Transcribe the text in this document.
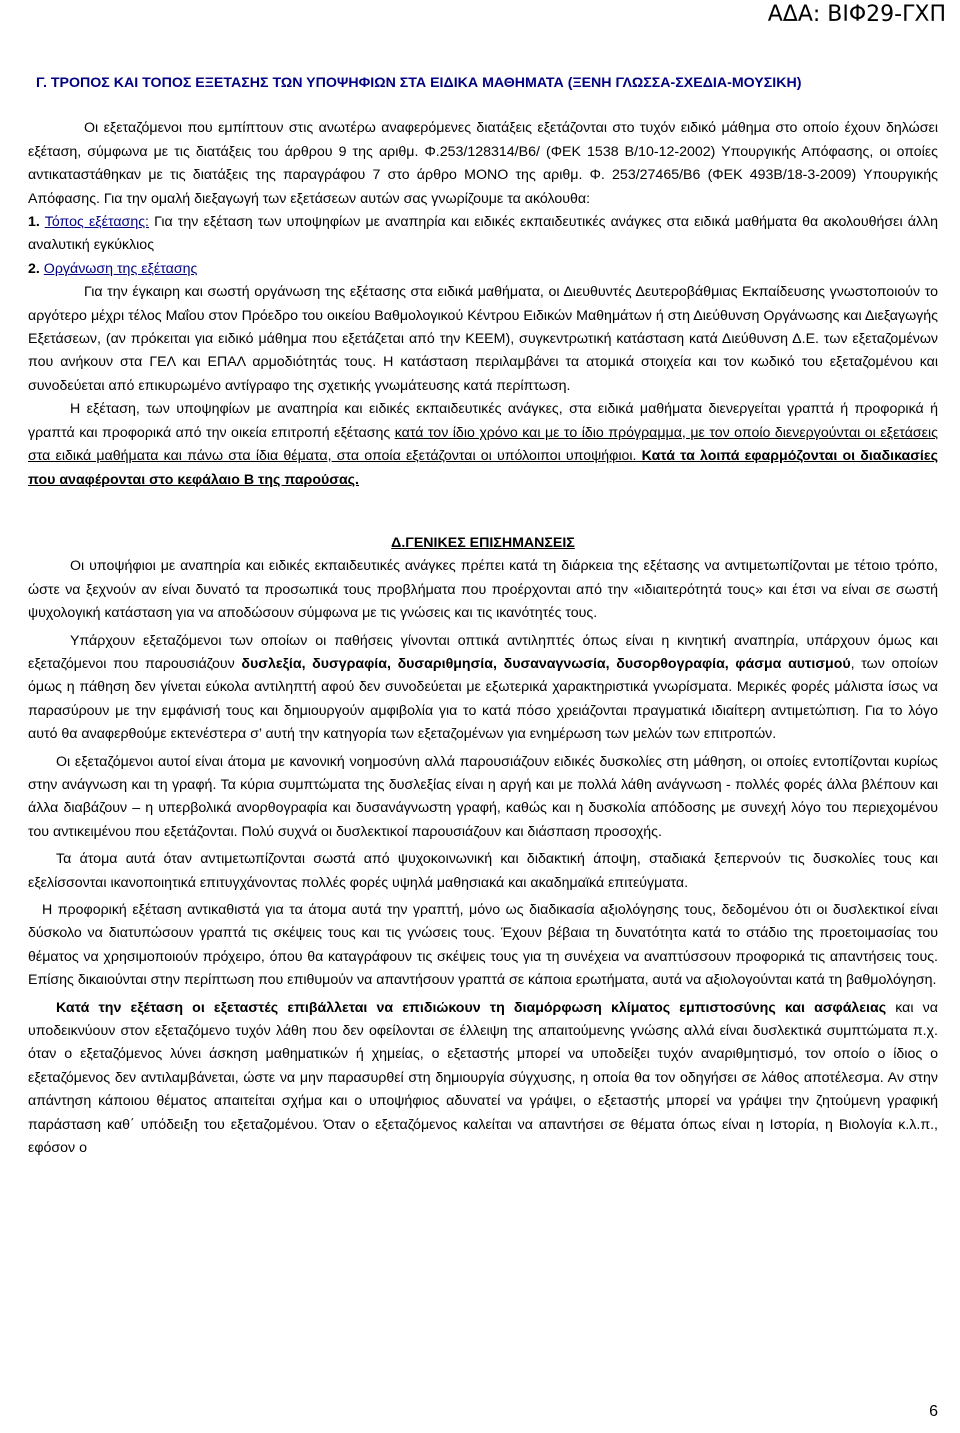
ΑΔΑ: ΒΙΦ29-ΓΧΠ

Γ. ΤΡΟΠΟΣ ΚΑΙ ΤΟΠΟΣ ΕΞΕΤΑΣΗΣ ΤΩΝ ΥΠΟΨΗΦΙΩΝ ΣΤΑ ΕΙΔΙΚΑ ΜΑΘΗΜΑΤΑ (ΞΕΝΗ ΓΛΩΣΣΑ-ΣΧΕΔΙΑ-ΜΟΥΣΙΚΗ)

Οι εξεταζόμενοι που εμπίπτουν στις ανωτέρω αναφερόμενες διατάξεις εξετάζονται στο τυχόν ειδικό μάθημα στο οποίο έχουν δηλώσει εξέταση, σύμφωνα με τις διατάξεις του άρθρου 9 της αριθμ. Φ.253/128314/Β6/ (ΦΕΚ 1538 Β/10-12-2002) Υπουργικής Απόφασης, οι οποίες αντικαταστάθηκαν με τις διατάξεις της παραγράφου 7 στο άρθρο ΜΟΝΟ της αριθμ. Φ. 253/27465/Β6 (ΦΕΚ 493Β/18-3-2009) Υπουργικής Απόφασης. Για την ομαλή διεξαγωγή των εξετάσεων αυτών σας γνωρίζουμε τα ακόλουθα:

1. Τόπος εξέτασης: Για την εξέταση των υποψηφίων με αναπηρία και ειδικές εκπαιδευτικές ανάγκες στα ειδικά μαθήματα θα ακολουθήσει άλλη αναλυτική εγκύκλιος

2. Οργάνωση της εξέτασης

Για την έγκαιρη και σωστή οργάνωση της εξέτασης στα ειδικά μαθήματα, οι Διευθυντές Δευτεροβάθμιας Εκπαίδευσης γνωστοποιούν το αργότερο μέχρι τέλος Μαΐου στον Πρόεδρο του οικείου Βαθμολογικού Κέντρου Ειδικών Μαθημάτων ή στη Διεύθυνση Οργάνωσης και Διεξαγωγής Εξετάσεων, (αν πρόκειται για ειδικό μάθημα που εξετάζεται από την ΚΕΕΜ), συγκεντρωτική κατάσταση κατά Διεύθυνση Δ.Ε. των εξεταζομένων που ανήκουν στα ΓΕΛ και ΕΠΑΛ αρμοδιότητάς τους. Η κατάσταση περιλαμβάνει τα ατομικά στοιχεία και τον κωδικό του εξεταζομένου και συνοδεύεται από επικυρωμένο αντίγραφο της σχετικής γνωμάτευσης κατά περίπτωση.

Η εξέταση, των υποψηφίων με αναπηρία και ειδικές εκπαιδευτικές ανάγκες, στα ειδικά μαθήματα διενεργείται γραπτά ή προφορικά ή γραπτά και προφορικά από την οικεία επιτροπή εξέτασης κατά τον ίδιο χρόνο και με το ίδιο πρόγραμμα, με τον οποίο διενεργούνται οι εξετάσεις στα ειδικά μαθήματα και πάνω στα ίδια θέματα, στα οποία εξετάζονται οι υπόλοιποι υποψήφιοι. Κατά τα λοιπά εφαρμόζονται οι διαδικασίες που αναφέρονται στο κεφάλαιο Β της παρούσας.

Δ.ΓΕΝΙΚΕΣ ΕΠΙΣΗΜΑΝΣΕΙΣ

Οι υποψήφιοι με αναπηρία και ειδικές εκπαιδευτικές ανάγκες πρέπει κατά τη διάρκεια της εξέτασης να αντιμετωπίζονται με τέτοιο τρόπο, ώστε να ξεχνούν αν είναι δυνατό τα προσωπικά τους προβλήματα που προέρχονται από την «ιδιαιτερότητά τους» και έτσι να είναι σε σωστή ψυχολογική κατάσταση για να αποδώσουν σύμφωνα με τις γνώσεις και τις ικανότητές τους.

Υπάρχουν εξεταζόμενοι των οποίων οι παθήσεις γίνονται οπτικά αντιληπτές όπως είναι η κινητική αναπηρία, υπάρχουν όμως και εξεταζόμενοι που παρουσιάζουν δυσλεξία, δυσγραφία, δυσαριθμησία, δυσαναγνωσία, δυσορθογραφία, φάσμα αυτισμού, των οποίων όμως η πάθηση δεν γίνεται εύκολα αντιληπτή αφού δεν συνοδεύεται με εξωτερικά χαρακτηριστικά γνωρίσματα. Μερικές φορές μάλιστα ίσως να παρασύρουν με την εμφάνισή τους και δημιουργούν αμφιβολία για το κατά πόσο χρειάζονται πραγματικά ιδιαίτερη αντιμετώπιση. Για το λόγο αυτό θα αναφερθούμε εκτενέστερα σ’ αυτή την κατηγορία των εξεταζομένων για ενημέρωση των μελών των επιτροπών.

Οι εξεταζόμενοι αυτοί είναι άτομα με κανονική νοημοσύνη αλλά παρουσιάζουν ειδικές δυσκολίες στη μάθηση, οι οποίες εντοπίζονται κυρίως στην ανάγνωση και τη γραφή. Τα κύρια συμπτώματα της δυσλεξίας είναι η αργή και με πολλά λάθη ανάγνωση - πολλές φορές άλλα βλέπουν και άλλα διαβάζουν – η υπερβολικά ανορθογραφία και δυσανάγνωστη γραφή, καθώς και η δυσκολία απόδοσης με συνεχή λόγο του περιεχομένου του αντικειμένου που εξετάζονται. Πολύ συχνά οι δυσλεκτικοί παρουσιάζουν και διάσπαση προσοχής.

Τα άτομα αυτά όταν αντιμετωπίζονται σωστά από ψυχοκοινωνική και διδακτική άποψη, σταδιακά ξεπερνούν τις δυσκολίες τους και εξελίσσονται ικανοποιητικά επιτυγχάνοντας πολλές φορές υψηλά μαθησιακά και ακαδημαϊκά επιτεύγματα.

Η προφορική εξέταση αντικαθιστά για τα άτομα αυτά την γραπτή, μόνο ως διαδικασία αξιολόγησης τους, δεδομένου ότι οι δυσλεκτικοί είναι δύσκολο να διατυπώσουν γραπτά τις σκέψεις τους και τις γνώσεις τους. Έχουν βέβαια τη δυνατότητα κατά το στάδιο της προετοιμασίας του θέματος να χρησιμοποιούν πρόχειρο, όπου θα καταγράφουν τις σκέψεις τους για τη συνέχεια να αναπτύσσουν προφορικά τις απαντήσεις τους. Επίσης δικαιούνται στην περίπτωση που επιθυμούν να απαντήσουν γραπτά σε κάποια ερωτήματα, αυτά να αξιολογούνται κατά τη βαθμολόγηση.

Κατά την εξέταση οι εξεταστές επιβάλλεται να επιδιώκουν τη διαμόρφωση κλίματος εμπιστοσύνης και ασφάλειας και να υποδεικνύουν στον εξεταζόμενο τυχόν λάθη που δεν οφείλονται σε έλλειψη της απαιτούμενης γνώσης αλλά είναι δυσλεκτικά συμπτώματα π.χ. όταν ο εξεταζόμενος λύνει άσκηση μαθηματικών ή χημείας, ο εξεταστής μπορεί να υποδείξει τυχόν αναριθμητισμό, τον οποίο ο ίδιος ο εξεταζόμενος δεν αντιλαμβάνεται, ώστε να μην παρασυρθεί στη δημιουργία σύγχυσης, η οποία θα τον οδηγήσει σε λάθος αποτέλεσμα. Αν στην απάντηση κάποιου θέματος απαιτείται σχήμα και ο υποψήφιος αδυνατεί να γράψει, ο εξεταστής μπορεί να γράψει την ζητούμενη γραφική παράσταση καθ΄ υπόδειξη του εξεταζομένου. Όταν ο εξεταζόμενος καλείται να απαντήσει σε θέματα όπως είναι η Ιστορία, η Βιολογία κ.λ.π., εφόσον ο

6
